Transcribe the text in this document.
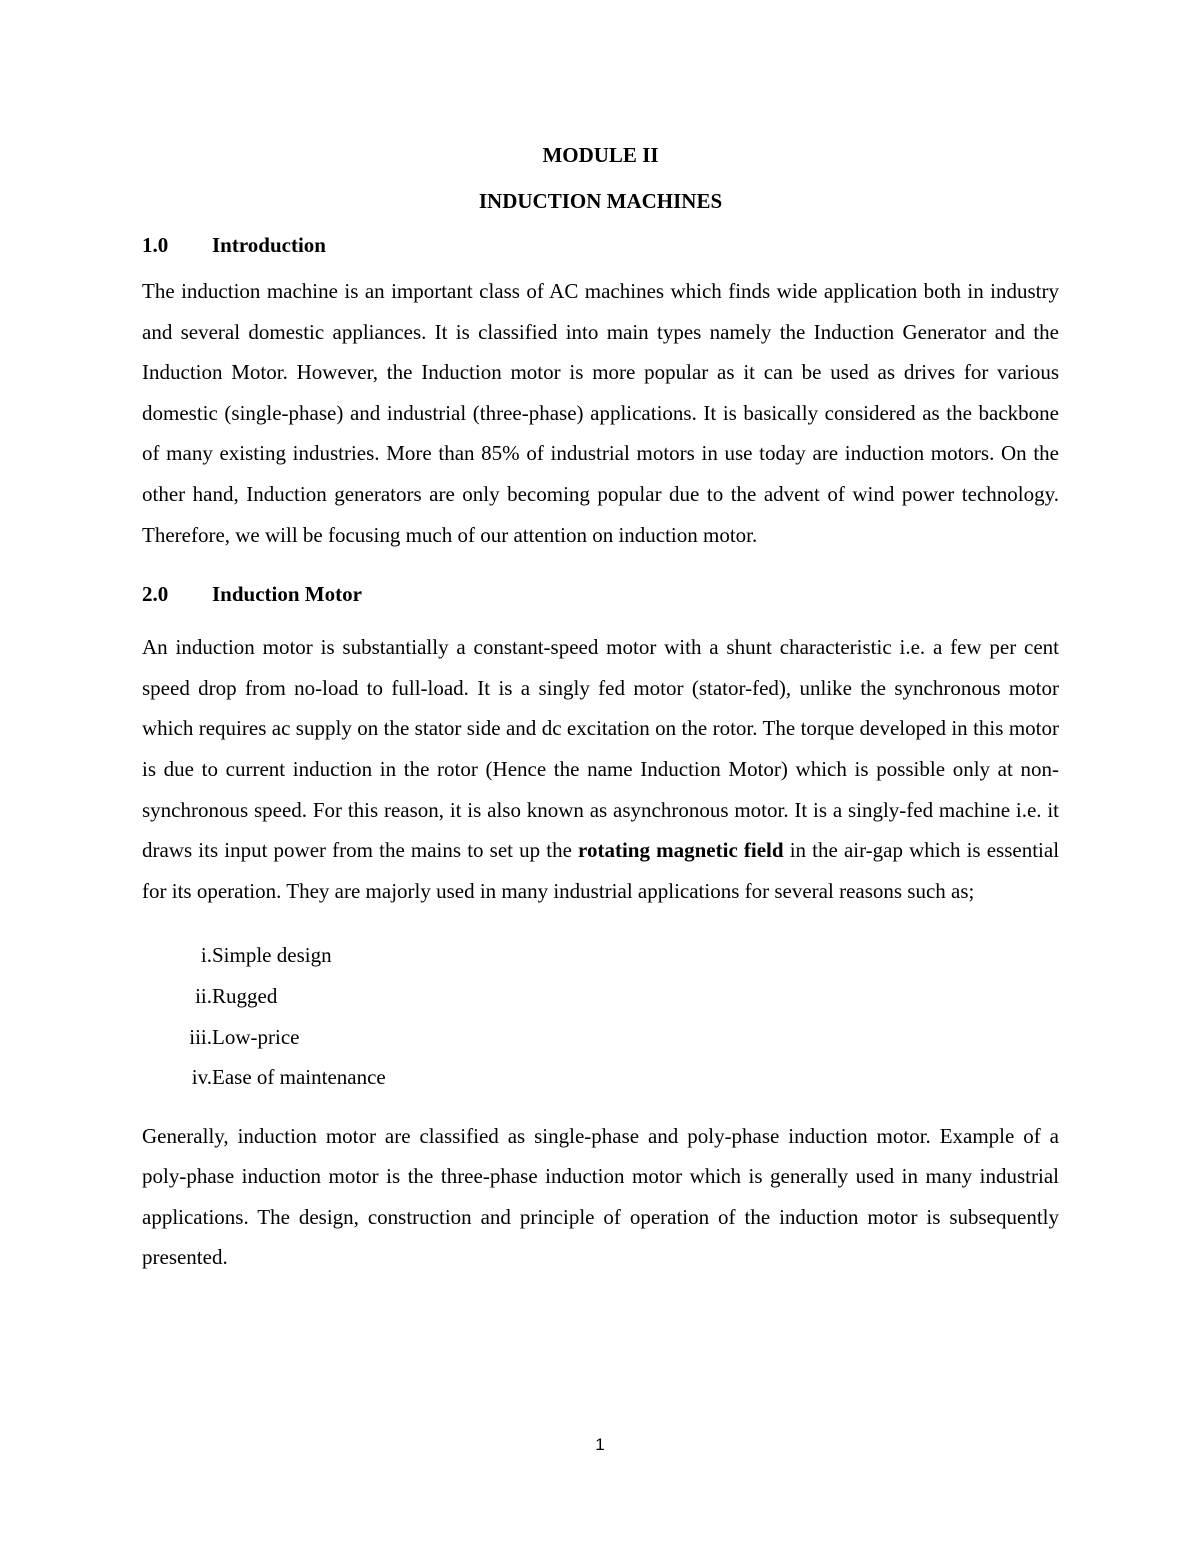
MODULE II

INDUCTION MACHINES

1.0	Introduction

The induction machine is an important class of AC machines which finds wide application both in industry and several domestic appliances. It is classified into main types namely the Induction Generator and the Induction Motor. However, the Induction motor is more popular as it can be used as drives for various domestic (single-phase) and industrial (three-phase) applications. It is basically considered as the backbone of many existing industries. More than 85% of industrial motors in use today are induction motors. On the other hand, Induction generators are only becoming popular due to the advent of wind power technology. Therefore, we will be focusing much of our attention on induction motor.

2.0	Induction Motor

An induction motor is substantially a constant-speed motor with a shunt characteristic i.e. a few per cent speed drop from no-load to full-load. It is a singly fed motor (stator-fed), unlike the synchronous motor which requires ac supply on the stator side and dc excitation on the rotor. The torque developed in this motor is due to current induction in the rotor (Hence the name Induction Motor) which is possible only at non-synchronous speed. For this reason, it is also known as asynchronous motor. It is a singly-fed machine i.e. it draws its input power from the mains to set up the rotating magnetic field in the air-gap which is essential for its operation. They are majorly used in many industrial applications for several reasons such as;

i. Simple design
ii. Rugged
iii. Low-price
iv. Ease of maintenance

Generally, induction motor are classified as single-phase and poly-phase induction motor. Example of a poly-phase induction motor is the three-phase induction motor which is generally used in many industrial applications. The design, construction and principle of operation of the induction motor is subsequently presented.

1
